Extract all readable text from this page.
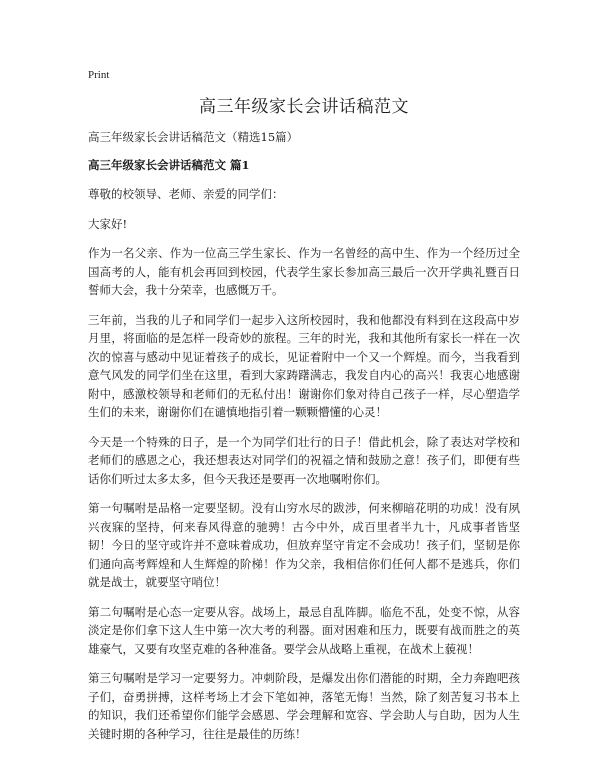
Print
高三年级家长会讲话稿范文
高三年级家长会讲话稿范文（精选15篇）
高三年级家长会讲话稿范文 篇1

尊敬的校领导、老师、亲爱的同学们：

大家好!

作为一名父亲、作为一位高三学生家长、作为一名曾经的高中生、作为一个经历过全国高考的人，能有机会再回到校园，代表学生家长参加高三最后一次开学典礼暨百日誓师大会，我十分荣幸，也感慨万千。

三年前，当我的儿子和同学们一起步入这所校园时，我和他都没有料到在这段高中岁月里，将面临的是怎样一段奇妙的旅程。三年的时光，我和其他所有家长一样在一次次的惊喜与感动中见证着孩子的成长，见证着附中一个又一个辉煌。而今，当我看到意气风发的同学们坐在这里，看到大家踌躇满志，我发自内心的高兴！我衷心地感谢附中，感激校领导和老师们的无私付出！谢谢你们象对待自己孩子一样，尽心塑造学生们的未来，谢谢你们在谴慎地指引着一颗颗懵懂的心灵！

今天是一个特殊的日子，是一个为同学们壮行的日子！借此机会，除了表达对学校和老师们的感恩之心，我还想表达对同学们的祝福之情和鼓励之意！孩子们，即便有些话你们听过太多太多，但今天我还是要再一次地嘱咐你们。

第一句嘱咐是品格一定要坚韧。没有山穷水尽的跋涉，何来柳暗花明的功成！没有夙兴夜寐的坚持，何来春风得意的驰骋！古今中外，成百里者半九十，凡成事者皆坚韧！今日的坚守或许并不意味着成功，但放弃坚守肯定不会成功！孩子们，坚韧是你们通向高考辉煌和人生辉煌的阶梯！作为父亲，我相信你们任何人都不是逃兵，你们就是战士，就要坚守哨位！

第二句嘱咐是心态一定要从容。战场上，最忌自乱阵脚。临危不乱，处变不惊，从容淡定是你们拿下这人生中第一次大考的利器。面对困难和压力，既要有战而胜之的英雄豪气，又要有攻坚克难的各种准备。要学会从战略上重视，在战术上藐视！

第三句嘱咐是学习一定要努力。冲刺阶段，是爆发出你们潜能的时期，全力奔跑吧孩子们，奋勇拼搏，这样考场上才会下笔如神，落笔无悔！当然，除了刻苦复习书本上的知识，我们还希望你们能学会感恩、学会理解和宽容、学会助人与自助，因为人生关键时期的各种学习，往往是最佳的历练！
